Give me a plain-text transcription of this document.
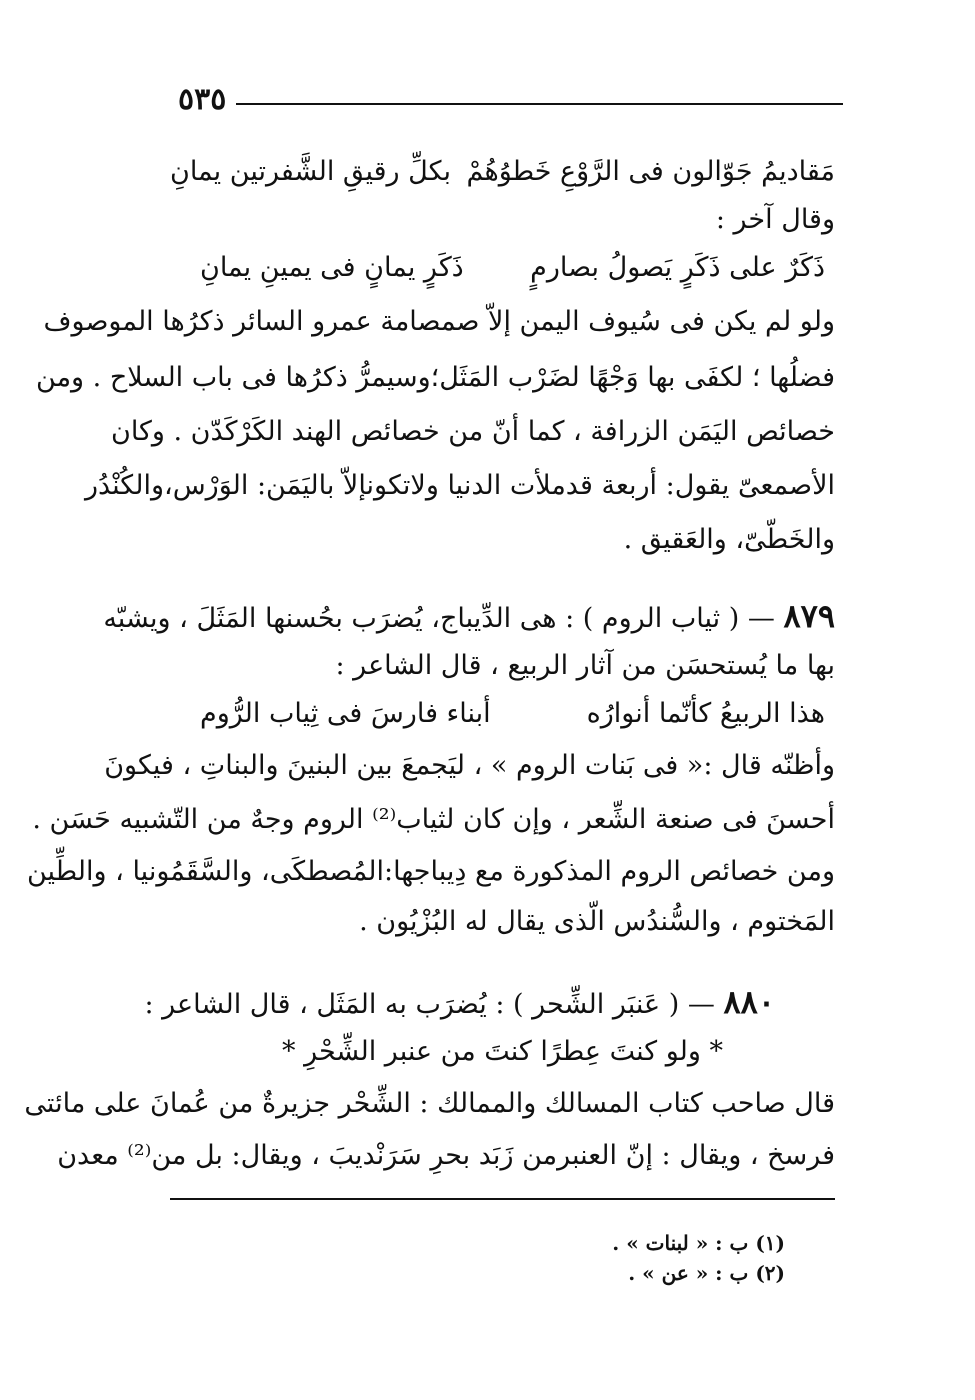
٥٣٥
مَقاديمُ جَوّالون فى الرَّوْعِ خَطوُهُمْ
بكلِّ رقيقِ الشَّفرتين يمانِ
وقال آخر :
ذَكَرٌ على ذَكَرٍ يَصولُ بصارمٍ
ذَكَرٍ يمانٍ فى يمينِ يمانِ
ولو لم يكن فى سُيوف اليمن إلاّ صمصامة عمرو السائر ذكرُها الموصوف
فضلُها ؛ لكفَى بها وَجْهًا لضَرْب المَثَل؛وسيمرُّ ذكرُها فى باب السلاح . ومن
خصائص اليَمَن الزرافة ، كما أنّ من خصائص الهند الكَرْكَدّن . وكان
الأصمعىّ يقول: أربعة قدملأت الدنيا ولاتكونإلاّ باليَمَن: الوَرْس،والكُنْدُر
والخَطّىّ، والعَقيق .
٨٧٩ — ( ثياب الروم ) : هى الدِّيباج، يُضرَب بحُسنها المَثَلَ ، ويشبّه
بها ما يُستحسَن من آثار الربيع ، قال الشاعر :
هذا الربيعُ كأنّما أنوارُه
أبناء فارسَ فى ثِياب الرُّوم
وأظنّه قال :« فى بَنات الروم » ، ليَجمعَ بين البنينَ والبناتِ ، فيكونَ
أحسنَ فى صنعة الشِّعر ، وإن كان لثياب⁽²⁾ الروم وجهٌ من التّشبيه حَسَن .
ومن خصائص الروم المذكورة مع دِيباجها:المُصطكَى، والسَّقَمُونيا ، والطِّين
المَختوم ، والسُّندُس الّذى يقال له البُزْيُون .
٨٨٠ — ( عَنبَر الشِّحر ) : يُضرَب به المَثَل ، قال الشاعر :
* ولو كنتَ عِطرًا كنتَ من عنبر الشِّحْرِ *
قال صاحب كتاب المسالك والممالك : الشِّحْر جزيرةٌ من عُمانَ على مائتى
فرسخ ، ويقال : إنّ العنبرمن زَبَد بحرِ سَرَنْديبَ ، ويقال: بل من⁽²⁾ معدن
(١) ب : « لبنات » .
(٢) ب : « عن » .
